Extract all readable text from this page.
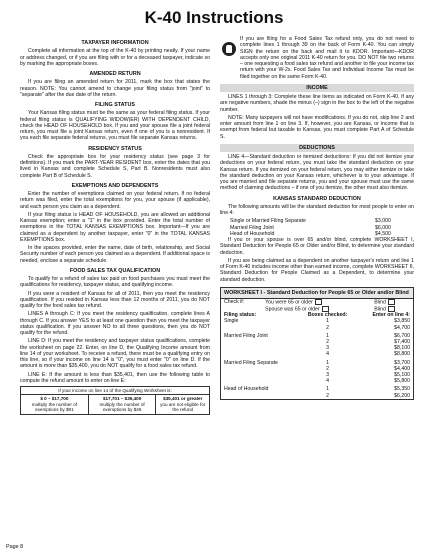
K-40 Instructions
TAXPAYER INFORMATION
Complete all information at the top of the K-40 by printing neatly. If your name or address changed, or if you are filing with or for a deceased taxpayer, indicate so by marking the appropriate boxes.
AMENDED RETURN
If you are filing an amended return for 2011, mark the box that states the reason. NOTE: You cannot amend to change your filing status from "joint" to "separate" after the due date of the return.
FILING STATUS
Your Kansas filing status must be the same as your federal filing status. If your federal filing status is QUALIFYING WIDOW(ER) WITH DEPENDENT CHILD, check the HEAD OF HOUSEHOLD box. If you and your spouse file a joint federal return, you must file a joint Kansas return, even if one of you is a nonresident. If you each file separate federal returns, you must file separate Kansas returns.
RESIDENCY STATUS
Check the appropriate box for your residency status (see page 3 for definitions). If you mark the PART-YEAR RESIDENT box, enter the dates that you lived in Kansas and complete Schedule S, Part B. Nonresidents must also complete Part B of Schedule S.
EXEMPTIONS AND DEPENDENTS
Enter the number of exemptions claimed on your federal return. If no federal return was filed, enter the total exemptions for you, your spouse (if applicable), and each person you claim as a dependent.
If your filing status is HEAD OF HOUSEHOLD, you are allowed an additional Kansas exemption; enter a "1" in the box provided. Enter the total number of exemptions in the TOTAL KANSAS EXEMPTIONS box. Important—If you are claimed as a dependent by another taxpayer, enter "0" in the TOTAL KANSAS EXEMPTIONS box.
In the spaces provided, enter the name, date of birth, relationship, and Social Security number of each person you claimed as a dependent. If additional space is needed, enclose a separate schedule.
FOOD SALES TAX QUALIFICATION
To qualify for a refund of sales tax paid on food purchases you must meet the qualifications for residency, taxpayer status, and qualifying income.
If you were a resident of Kansas for all of 2011, then you meet the residency qualification. If you resided in Kansas less than 12 months of 2011, you do NOT qualify for the food sales tax refund.
LINES A through C: If you meet the residency qualification, complete lines A through C. If you answer YES to at least one question then you meet the taxpayer status qualification. If you answer NO to all three questions, then you do NOT qualify for the refund.
LINE D: If you meet the residency and taxpayer status qualifications, complete the worksheet on page 22. Enter, on line D, the Qualifying Income amount from line 14 of your worksheet. To receive a refund, there must be a qualifying entry on this line, so if your income on line 14 is "0", you must enter "0" on line D. If the amount is more than $35,400, you do NOT qualify for a food sales tax refund.
LINE E: If the amount is less than $35,401, then use the following table to compute the refund amount to enter on line E:
If your income on line 14 of the Qualifying Worksheet is:

$ 0 – $17,700
multiply the number of exemptions by $91

$17,701 – $35,400
multiply the number of exemptions by $46

$35,401 or greater
you are not eligible for the refund
If you are filing for a Food Sales Tax refund only, you do not need to complete lines 1 through 39 on the back of Form K-40. You can simply SIGN the return on the back and mail it to KDOR. Important—KDOR accepts only one original 2011 K-40 return for you. DO NOT file two returns – one requesting a food sales tax refund and another to file your income tax return with your W-2s. Food Sales Tax and Individual Income Tax must be filed together on the same Form K-40.
INCOME
LINES 1 through 3: Complete these line items as indicated on Form K-40. If any are negative numbers, shade the minus (–) sign in the box to the left of the negative number.
NOTE: Many taxpayers will not have modifications. If you do not, skip line 2 and enter amount from line 1 on line 3. If, however, you are Kansas, or income that is exempt from federal but taxable to Kansas, you must complete Part A of Schedule S.
DEDUCTIONS
LINE 4—Standard deduction or itemized deductions: If you did not itemize your deductions on your federal return, you must take the standard deduction on your Kansas return. If you itemized on your federal return, you may either itemize or take the standard deduction on your Kansas return, whichever is to your advantage. If you are married and file separate returns, you and your spouse must use the same method of claiming deductions – if one of you itemize, the other must also itemize.
KANSAS STANDARD DEDUCTION
The following amounts will be the standard deduction for most people to enter on line 4:
Single or Married Filing Separate	$3,000
Married Filing Joint	$6,000
Head of Household	$4,500
If you or your spouse is over 65 and/or blind, complete WORKSHEET I, Standard Deduction for People 65 or Older and/or Blind, to determine your standard deduction.
If you are being claimed as a dependent on another taxpayer's return and line 1 of Form K-40 includes income other than earned income, complete WORKSHEET II, Standard Deduction for People Claimed as a Dependent, to determine your standard deduction.
WORKSHEET I - Standard Deduction for People 65 or Older and/or Blind
Check if:	You were 65 or older	Blind
	Spouse was 65 or older	Blind
Filing status:	Boxes checked:	Enter on line 4:
Single	1	$3,850
	2	$4,700
Married Filing Joint	1	$6,700
	2	$7,400
	3	$8,100
	4	$8,800
Married Filing Separate	1	$3,700
	2	$4,400
	3	$5,100
	4	$5,800
Head of Household	1	$5,350
	2	$6,200
Page 8
